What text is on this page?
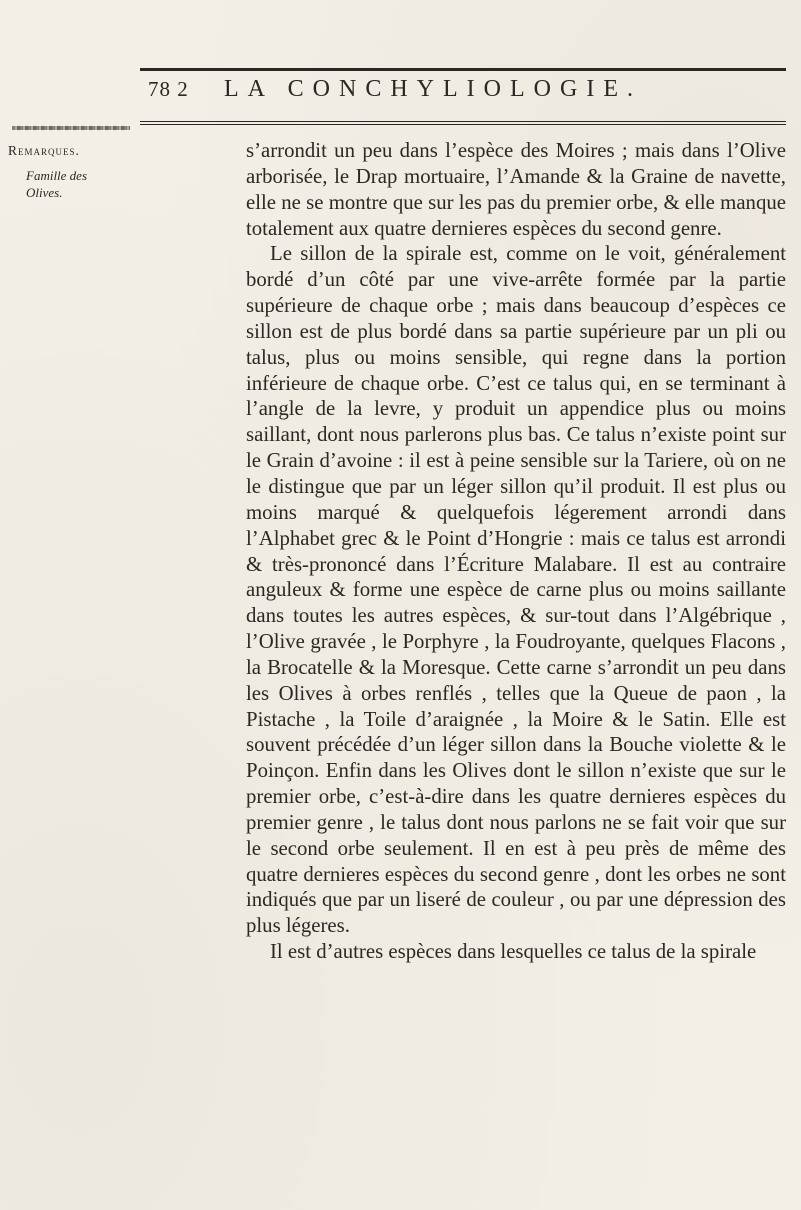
78 2	LA CONCHYLIOLOGIE.
Remarques.
Famille des Olives.

s’arrondit un peu dans l’espèce des Moires ; mais dans l’Olive arborisée, le Drap mortuaire, l’Amande & la Graine de navette, elle ne se montre que sur les pas du premier orbe, & elle manque totalement aux quatre dernieres espèces du second genre.

Le sillon de la spirale est, comme on le voit, généralement bordé d’un côté par une vive-arrête formée par la partie supérieure de chaque orbe ; mais dans beaucoup d’espèces ce sillon est de plus bordé dans sa partie supérieure par un pli ou talus, plus ou moins sensible, qui regne dans la portion inférieure de chaque orbe. C’est ce talus qui, en se terminant à l’angle de la levre, y produit un appendice plus ou moins saillant, dont nous parlerons plus bas. Ce talus n’existe point sur le Grain d’avoine : il est à peine sensible sur la Tariere, où on ne le distingue que par un léger sillon qu’il produit. Il est plus ou moins marqué & quelquefois légerement arrondi dans l’Alphabet grec & le Point d’Hongrie : mais ce talus est arrondi & très-prononcé dans l’Écriture Malabare. Il est au contraire anguleux & forme une espèce de carne plus ou moins saillante dans toutes les autres espèces, & sur-tout dans l’Algébrique , l’Olive gravée , le Porphyre , la Foudroyante, quelques Flacons , la Brocatelle & la Moresque. Cette carne s’arrondit un peu dans les Olives à orbes renflés , telles que la Queue de paon , la Pistache , la Toile d’araignée , la Moire & le Satin. Elle est souvent précédée d’un léger sillon dans la Bouche violette & le Poinçon. Enfin dans les Olives dont le sillon n’existe que sur le premier orbe, c’est-à-dire dans les quatre dernieres espèces du premier genre , le talus dont nous parlons ne se fait voir que sur le second orbe seulement. Il en est à peu près de même des quatre dernieres espèces du second genre , dont les orbes ne sont indiqués que par un liseré de couleur , ou par une dépression des plus légeres.

Il est d’autres espèces dans lesquelles ce talus de la spirale
